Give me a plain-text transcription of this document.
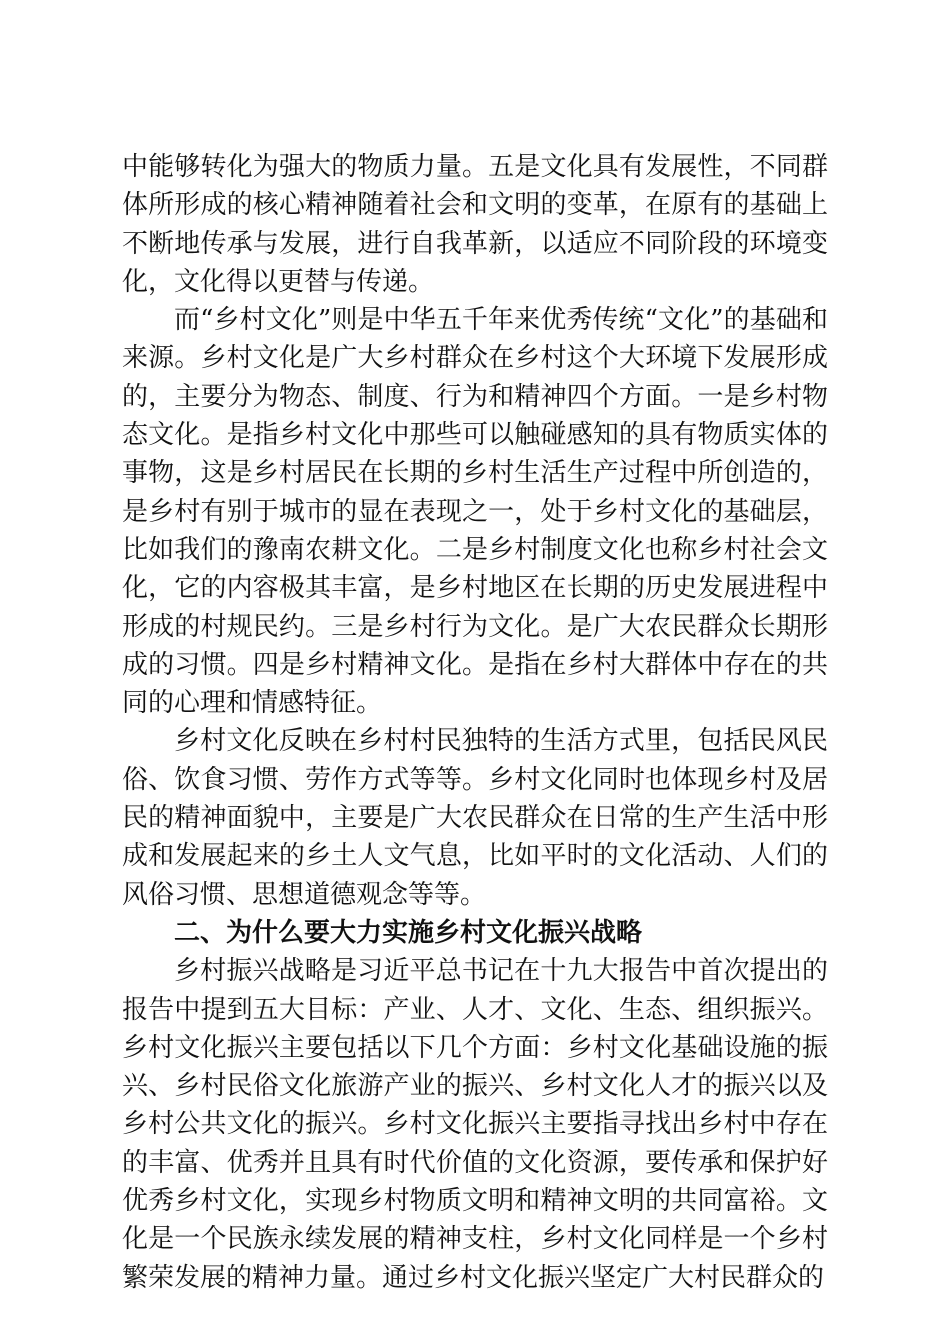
中能够转化为强大的物质力量。五是文化具有发展性，不同群体所形成的核心精神随着社会和文明的变革，在原有的基础上不断地传承与发展，进行自我革新，以适应不同阶段的环境变化，文化得以更替与传递。

而“乡村文化”则是中华五千年来优秀传统“文化”的基础和来源。乡村文化是广大乡村群众在乡村这个大环境下发展形成的，主要分为物态、制度、行为和精神四个方面。一是乡村物态文化。是指乡村文化中那些可以触碰感知的具有物质实体的事物，这是乡村居民在长期的乡村生活生产过程中所创造的，是乡村有别于城市的显在表现之一，处于乡村文化的基础层，比如我们的豫南农耕文化。二是乡村制度文化也称乡村社会文化，它的内容极其丰富，是乡村地区在长期的历史发展进程中形成的村规民约。三是乡村行为文化。是广大农民群众长期形成的习惯。四是乡村精神文化。是指在乡村大群体中存在的共同的心理和情感特征。

乡村文化反映在乡村村民独特的生活方式里，包括民风民俗、饮食习惯、劳作方式等等。乡村文化同时也体现乡村及居民的精神面貌中，主要是广大农民群众在日常的生产生活中形成和发展起来的乡土人文气息，比如平时的文化活动、人们的风俗习惯、思想道德观念等等。

二、为什么要大力实施乡村文化振兴战略

乡村振兴战略是习近平总书记在十九大报告中首次提出的报告中提到五大目标：产业、人才、文化、生态、组织振兴。乡村文化振兴主要包括以下几个方面：乡村文化基础设施的振兴、乡村民俗文化旅游产业的振兴、乡村文化人才的振兴以及乡村公共文化的振兴。乡村文化振兴主要指寻找出乡村中存在的丰富、优秀并且具有时代价值的文化资源，要传承和保护好优秀乡村文化，实现乡村物质文明和精神文明的共同富裕。文化是一个民族永续发展的精神支柱，乡村文化同样是一个乡村繁荣发展的精神力量。通过乡村文化振兴坚定广大村民群众的
